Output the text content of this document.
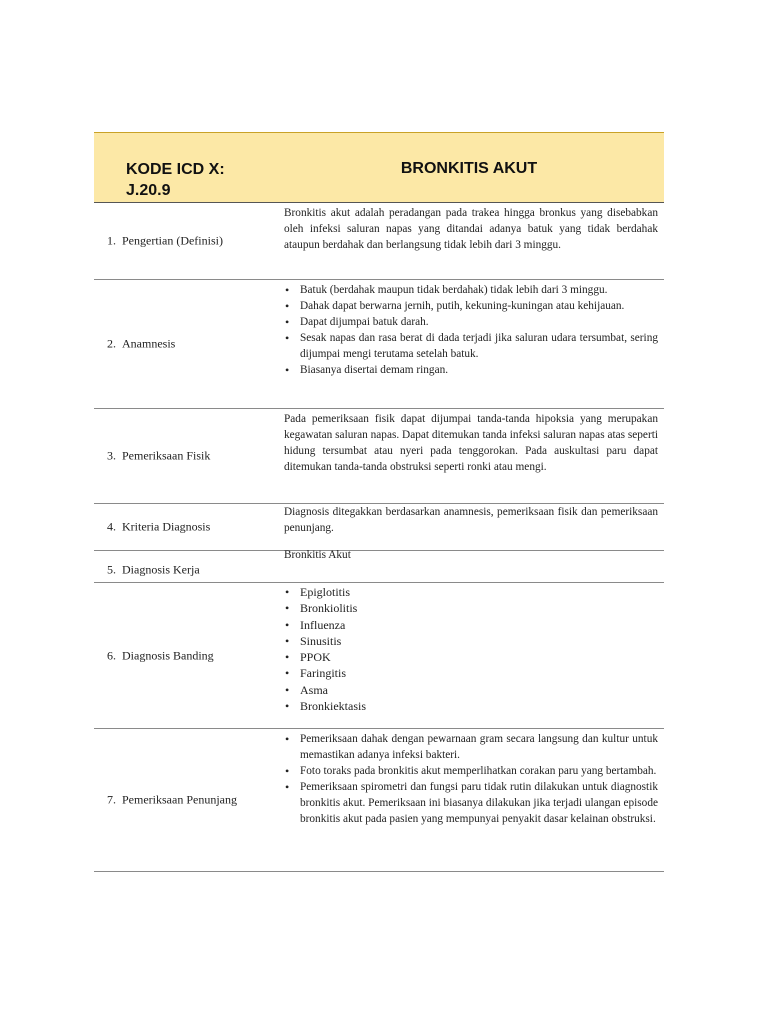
KODE ICD X:
J.20.9
BRONKITIS AKUT
1. Pengertian (Definisi)
Bronkitis akut adalah peradangan pada trakea hingga bronkus yang disebabkan oleh infeksi saluran napas yang ditandai adanya batuk yang tidak berdahak ataupun berdahak dan berlangsung tidak lebih dari 3 minggu.
2. Anamnesis
• Batuk (berdahak maupun tidak berdahak) tidak lebih dari 3 minggu.
• Dahak dapat berwarna jernih, putih, kekuning-kuningan atau kehijauan.
• Dapat dijumpai batuk darah.
• Sesak napas dan rasa berat di dada terjadi jika saluran udara tersumbat, sering dijumpai mengi terutama setelah batuk.
• Biasanya disertai demam ringan.
3. Pemeriksaan Fisik
Pada pemeriksaan fisik dapat dijumpai tanda-tanda hipoksia yang merupakan kegawatan saluran napas. Dapat ditemukan tanda infeksi saluran napas atas seperti hidung tersumbat atau nyeri pada tenggorokan. Pada auskultasi paru dapat ditemukan tanda-tanda obstruksi seperti ronki atau mengi.
4. Kriteria Diagnosis
Diagnosis ditegakkan berdasarkan anamnesis, pemeriksaan fisik dan pemeriksaan penunjang.
5. Diagnosis Kerja
Bronkitis Akut
6. Diagnosis Banding
• Epiglotitis
• Bronkiolitis
• Influenza
• Sinusitis
• PPOK
• Faringitis
• Asma
• Bronkiektasis
7. Pemeriksaan Penunjang
• Pemeriksaan dahak dengan pewarnaan gram secara langsung dan kultur untuk memastikan adanya infeksi bakteri.
• Foto toraks pada bronkitis akut memperlihatkan corakan paru yang bertambah.
• Pemeriksaan spirometri dan fungsi paru tidak rutin dilakukan untuk diagnostik bronkitis akut. Pemeriksaan ini biasanya dilakukan jika terjadi ulangan episode bronkitis akut pada pasien yang mempunyai penyakit dasar kelainan obstruksi.
